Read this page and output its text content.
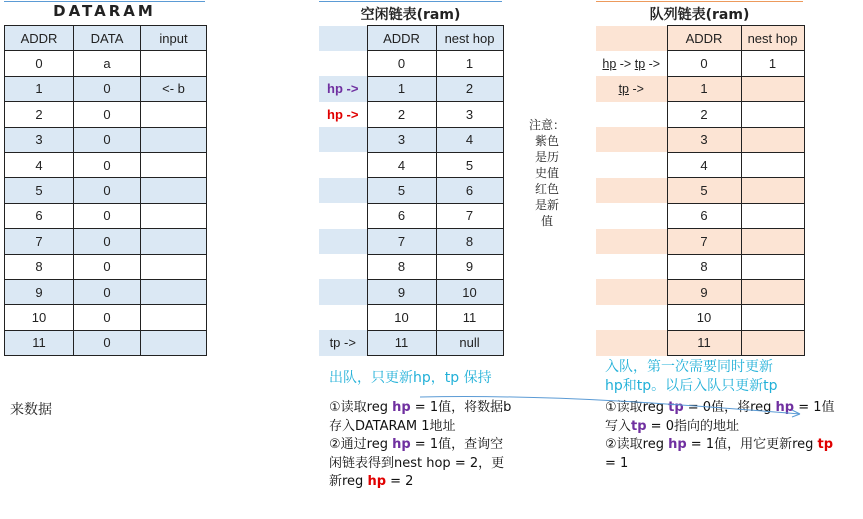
DATARAM
ADDR	DATA	input
0	a	
1	0	<- b
2	0	
3	0	
4	0	
5	0	
6	0	
7	0	
8	0	
9	0	
10	0	
11	0	
来数据
空闲链表(ram)
	ADDR	nest hop
	0	1
hp ->	1	2
hp ->	2	3
	3	4
	4	5
	5	6
	6	7
	7	8
	8	9
	9	10
	10	11
tp ->	11	null
注意：
紫色
是历
史值
红色
是新
值
队列链表(ram)
	ADDR	nest hop
hp -> tp ->	0	1
tp ->	1	
	2	
	3	
	4	
	5	
	6	
	7	
	8	
	9	
	10	
	11	
出队，只更新hp，tp 保持
①读取reg hp = 1值，将数据b
存入DATARAM 1地址
②通过reg hp = 1值，查询空
闲链表得到nest hop = 2，更
新reg hp = 2
入队，第一次需要同时更新
hp和tp。以后入队只更新tp
①读取reg tp = 0值，将reg hp = 1值
写入tp = 0指向的地址
②读取reg hp = 1值，用它更新reg tp
= 1
